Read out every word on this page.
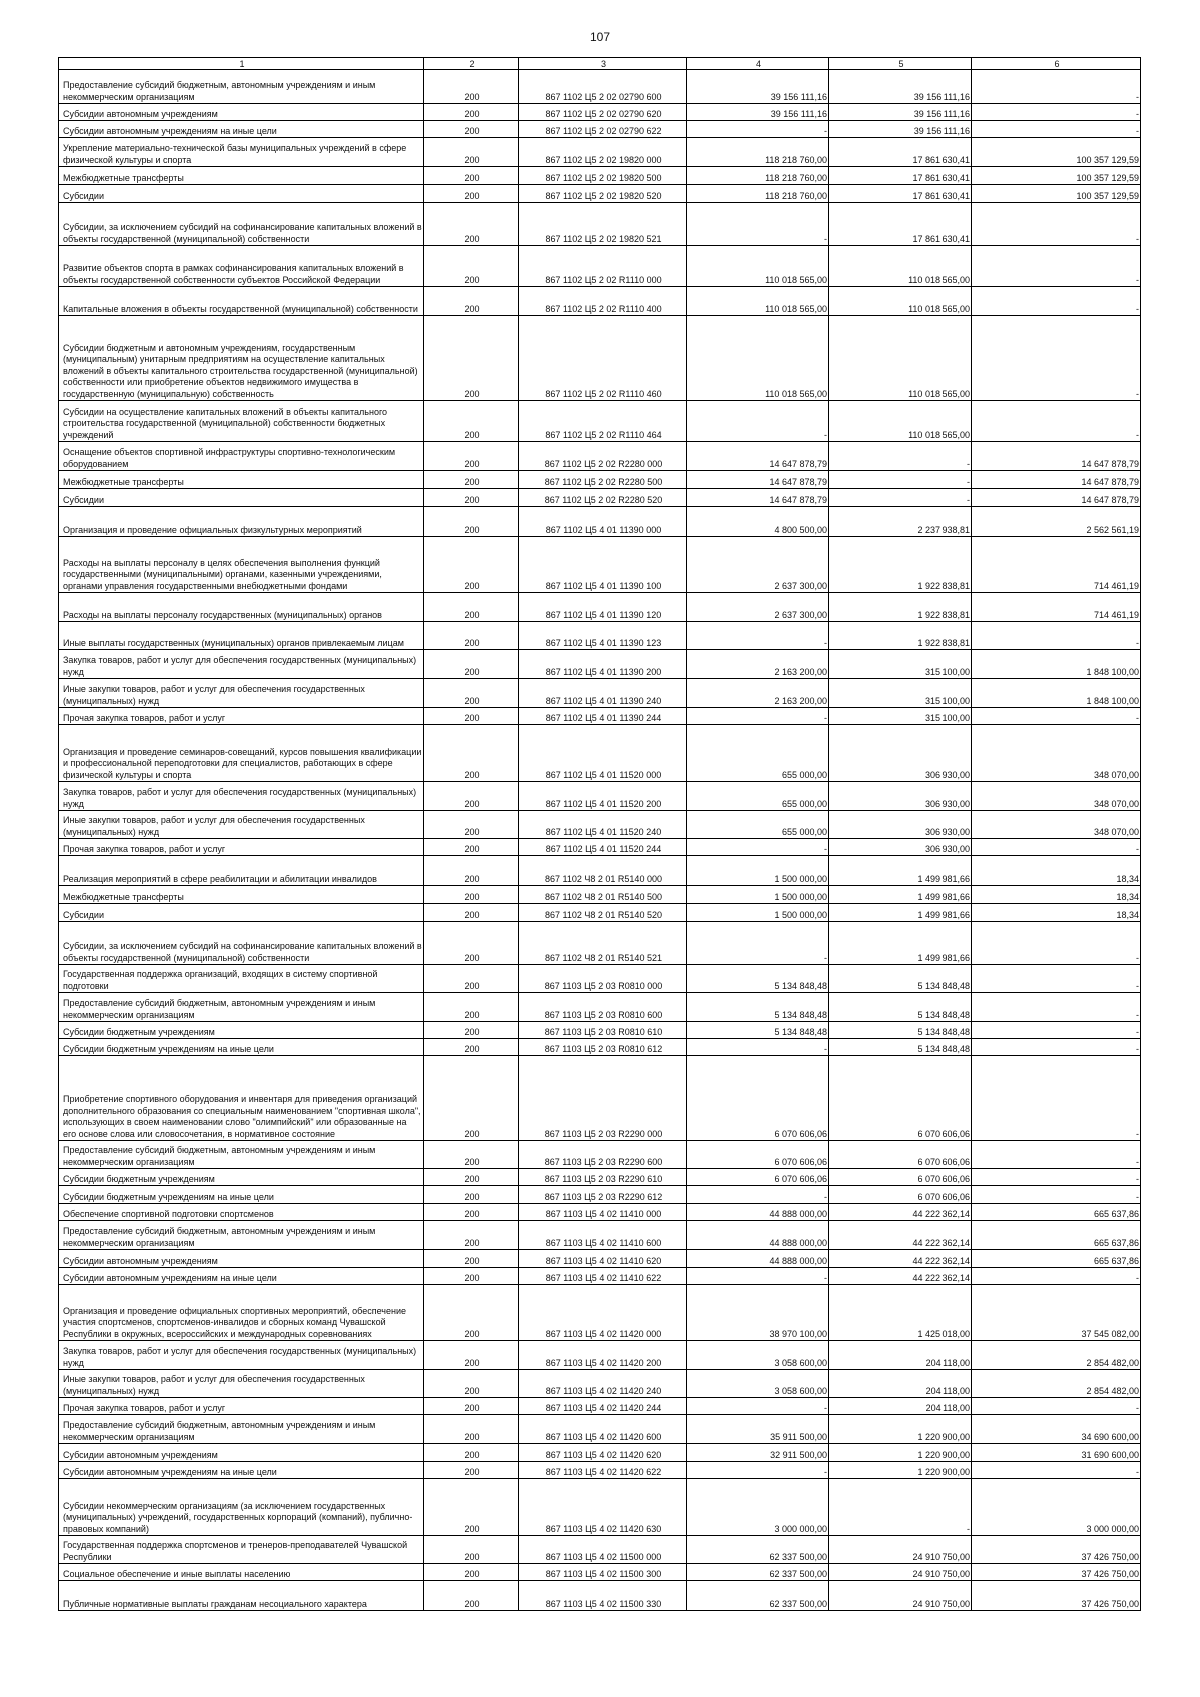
107
1	2	3	4	5	6
Предоставление субсидий бюджетным, автономным учреждениям и иным некоммерческим организациям	200	867 1102 Ц5 2 02 02790 600	39 156 111,16	39 156 111,16	-
Субсидии автономным учреждениям	200	867 1102 Ц5 2 02 02790 620	39 156 111,16	39 156 111,16	-
Субсидии автономным учреждениям на иные цели	200	867 1102 Ц5 2 02 02790 622	-	39 156 111,16	-
Укрепление материально-технической базы муниципальных учреждений в сфере физической культуры и спорта	200	867 1102 Ц5 2 02 19820 000	118 218 760,00	17 861 630,41	100 357 129,59
Межбюджетные трансферты	200	867 1102 Ц5 2 02 19820 500	118 218 760,00	17 861 630,41	100 357 129,59
Субсидии	200	867 1102 Ц5 2 02 19820 520	118 218 760,00	17 861 630,41	100 357 129,59
Субсидии, за исключением субсидий на софинансирование капитальных вложений в объекты государственной (муниципальной) собственности	200	867 1102 Ц5 2 02 19820 521	-	17 861 630,41	-
Развитие объектов спорта в рамках софинансирования капитальных вложений в объекты государственной собственности субъектов Российской Федерации	200	867 1102 Ц5 2 02 R1110 000	110 018 565,00	110 018 565,00	-
Капитальные вложения в объекты государственной (муниципальной) собственности	200	867 1102 Ц5 2 02 R1110 400	110 018 565,00	110 018 565,00	-
Субсидии бюджетным и автономным учреждениям, государственным (муниципальным) унитарным предприятиям на осуществление капитальных вложений в объекты капитального строительства государственной (муниципальной) собственности или приобретение объектов недвижимого имущества в государственную (муниципальную) собственность	200	867 1102 Ц5 2 02 R1110 460	110 018 565,00	110 018 565,00	-
Субсидии на осуществление капитальных вложений в объекты капитального строительства государственной (муниципальной) собственности бюджетных учреждений	200	867 1102 Ц5 2 02 R1110 464	-	110 018 565,00	-
Оснащение объектов спортивной инфраструктуры спортивно-технологическим оборудованием	200	867 1102 Ц5 2 02 R2280 000	14 647 878,79	-	14 647 878,79
Межбюджетные трансферты	200	867 1102 Ц5 2 02 R2280 500	14 647 878,79	-	14 647 878,79
Субсидии	200	867 1102 Ц5 2 02 R2280 520	14 647 878,79	-	14 647 878,79
Организация и проведение официальных физкультурных мероприятий	200	867 1102 Ц5 4 01 11390 000	4 800 500,00	2 237 938,81	2 562 561,19
Расходы на выплаты персоналу в целях обеспечения выполнения функций государственными (муниципальными) органами, казенными учреждениями, органами управления государственными внебюджетными фондами	200	867 1102 Ц5 4 01 11390 100	2 637 300,00	1 922 838,81	714 461,19
Расходы на выплаты персоналу государственных (муниципальных) органов	200	867 1102 Ц5 4 01 11390 120	2 637 300,00	1 922 838,81	714 461,19
Иные выплаты государственных (муниципальных) органов привлекаемым лицам	200	867 1102 Ц5 4 01 11390 123	-	1 922 838,81	-
Закупка товаров, работ и услуг для обеспечения государственных (муниципальных) нужд	200	867 1102 Ц5 4 01 11390 200	2 163 200,00	315 100,00	1 848 100,00
Иные закупки товаров, работ и услуг для обеспечения государственных (муниципальных) нужд	200	867 1102 Ц5 4 01 11390 240	2 163 200,00	315 100,00	1 848 100,00
Прочая закупка товаров, работ и услуг	200	867 1102 Ц5 4 01 11390 244	-	315 100,00	-
Организация и проведение семинаров-совещаний, курсов повышения квалификации и профессиональной переподготовки для специалистов, работающих в сфере физической культуры и спорта	200	867 1102 Ц5 4 01 11520 000	655 000,00	306 930,00	348 070,00
Закупка товаров, работ и услуг для обеспечения государственных (муниципальных) нужд	200	867 1102 Ц5 4 01 11520 200	655 000,00	306 930,00	348 070,00
Иные закупки товаров, работ и услуг для обеспечения государственных (муниципальных) нужд	200	867 1102 Ц5 4 01 11520 240	655 000,00	306 930,00	348 070,00
Прочая закупка товаров, работ и услуг	200	867 1102 Ц5 4 01 11520 244	-	306 930,00	-
Реализация мероприятий в сфере реабилитации и абилитации инвалидов	200	867 1102 Ч8 2 01 R5140 000	1 500 000,00	1 499 981,66	18,34
Межбюджетные трансферты	200	867 1102 Ч8 2 01 R5140 500	1 500 000,00	1 499 981,66	18,34
Субсидии	200	867 1102 Ч8 2 01 R5140 520	1 500 000,00	1 499 981,66	18,34
Субсидии, за исключением субсидий на софинансирование капитальных вложений в объекты государственной (муниципальной) собственности	200	867 1102 Ч8 2 01 R5140 521	-	1 499 981,66	-
Государственная поддержка организаций, входящих в систему спортивной подготовки	200	867 1103 Ц5 2 03 R0810 000	5 134 848,48	5 134 848,48	-
Предоставление субсидий бюджетным, автономным учреждениям и иным некоммерческим организациям	200	867 1103 Ц5 2 03 R0810 600	5 134 848,48	5 134 848,48	-
Субсидии бюджетным учреждениям	200	867 1103 Ц5 2 03 R0810 610	5 134 848,48	5 134 848,48	-
Субсидии бюджетным учреждениям на иные цели	200	867 1103 Ц5 2 03 R0810 612	-	5 134 848,48	-
Приобретение спортивного оборудования и инвентаря для приведения организаций дополнительного образования со специальным наименованием "спортивная школа", использующих в своем наименовании слово "олимпийский" или образованные на его основе слова или словосочетания, в нормативное состояние	200	867 1103 Ц5 2 03 R2290 000	6 070 606,06	6 070 606,06	-
Предоставление субсидий бюджетным, автономным учреждениям и иным некоммерческим организациям	200	867 1103 Ц5 2 03 R2290 600	6 070 606,06	6 070 606,06	-
Субсидии бюджетным учреждениям	200	867 1103 Ц5 2 03 R2290 610	6 070 606,06	6 070 606,06	-
Субсидии бюджетным учреждениям на иные цели	200	867 1103 Ц5 2 03 R2290 612	-	6 070 606,06	-
Обеспечение спортивной подготовки спортсменов	200	867 1103 Ц5 4 02 11410 000	44 888 000,00	44 222 362,14	665 637,86
Предоставление субсидий бюджетным, автономным учреждениям и иным некоммерческим организациям	200	867 1103 Ц5 4 02 11410 600	44 888 000,00	44 222 362,14	665 637,86
Субсидии автономным учреждениям	200	867 1103 Ц5 4 02 11410 620	44 888 000,00	44 222 362,14	665 637,86
Субсидии автономным учреждениям на иные цели	200	867 1103 Ц5 4 02 11410 622	-	44 222 362,14	-
Организация и проведение официальных спортивных мероприятий, обеспечение участия спортсменов, спортсменов-инвалидов и сборных команд Чувашской Республики в окружных, всероссийских и международных соревнованиях	200	867 1103 Ц5 4 02 11420 000	38 970 100,00	1 425 018,00	37 545 082,00
Закупка товаров, работ и услуг для обеспечения государственных (муниципальных) нужд	200	867 1103 Ц5 4 02 11420 200	3 058 600,00	204 118,00	2 854 482,00
Иные закупки товаров, работ и услуг для обеспечения государственных (муниципальных) нужд	200	867 1103 Ц5 4 02 11420 240	3 058 600,00	204 118,00	2 854 482,00
Прочая закупка товаров, работ и услуг	200	867 1103 Ц5 4 02 11420 244	-	204 118,00	-
Предоставление субсидий бюджетным, автономным учреждениям и иным некоммерческим организациям	200	867 1103 Ц5 4 02 11420 600	35 911 500,00	1 220 900,00	34 690 600,00
Субсидии автономным учреждениям	200	867 1103 Ц5 4 02 11420 620	32 911 500,00	1 220 900,00	31 690 600,00
Субсидии автономным учреждениям на иные цели	200	867 1103 Ц5 4 02 11420 622	-	1 220 900,00	-
Субсидии некоммерческим организациям (за исключением государственных (муниципальных) учреждений, государственных корпораций (компаний), публично-правовых компаний)	200	867 1103 Ц5 4 02 11420 630	3 000 000,00	-	3 000 000,00
Государственная поддержка спортсменов и тренеров-преподавателей Чувашской Республики	200	867 1103 Ц5 4 02 11500 000	62 337 500,00	24 910 750,00	37 426 750,00
Социальное обеспечение и иные выплаты населению	200	867 1103 Ц5 4 02 11500 300	62 337 500,00	24 910 750,00	37 426 750,00
Публичные нормативные выплаты гражданам несоциального характера	200	867 1103 Ц5 4 02 11500 330	62 337 500,00	24 910 750,00	37 426 750,00
